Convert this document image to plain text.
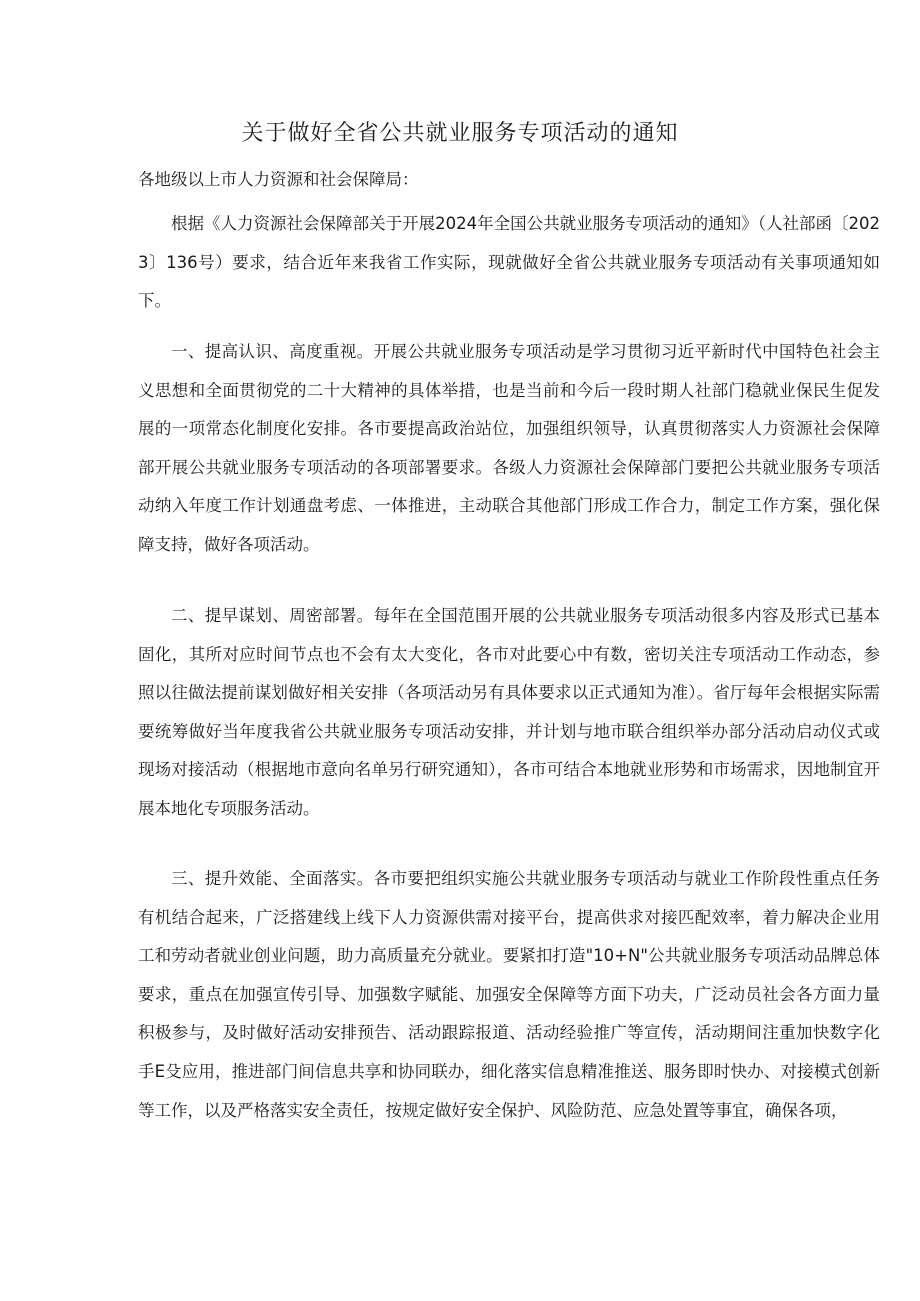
关于做好全省公共就业服务专项活动的通知
各地级以上市人力资源和社会保障局：

根据《人力资源社会保障部关于开展2024年全国公共就业服务专项活动的通知》（人社部函〔2023〕136号）要求，结合近年来我省工作实际，现就做好全省公共就业服务专项活动有关事项通知如下。

一、提高认识、高度重视。开展公共就业服务专项活动是学习贯彻习近平新时代中国特色社会主义思想和全面贯彻党的二十大精神的具体举措，也是当前和今后一段时期人社部门稳就业保民生促发展的一项常态化制度化安排。各市要提高政治站位，加强组织领导，认真贯彻落实人力资源社会保障部开展公共就业服务专项活动的各项部署要求。各级人力资源社会保障部门要把公共就业服务专项活动纳入年度工作计划通盘考虑、一体推进，主动联合其他部门形成工作合力，制定工作方案，强化保障支持，做好各项活动。

二、提早谋划、周密部署。每年在全国范围开展的公共就业服务专项活动很多内容及形式已基本固化，其所对应时间节点也不会有太大变化，各市对此要心中有数，密切关注专项活动工作动态，参照以往做法提前谋划做好相关安排（各项活动另有具体要求以正式通知为准）。省厅每年会根据实际需要统筹做好当年度我省公共就业服务专项活动安排，并计划与地市联合组织举办部分活动启动仪式或现场对接活动（根据地市意向名单另行研究通知），各市可结合本地就业形势和市场需求，因地制宜开展本地化专项服务活动。

三、提升效能、全面落实。各市要把组织实施公共就业服务专项活动与就业工作阶段性重点任务有机结合起来，广泛搭建线上线下人力资源供需对接平台，提高供求对接匹配效率，着力解决企业用工和劳动者就业创业问题，助力高质量充分就业。要紧扣打造"10+N"公共就业服务专项活动品牌总体要求，重点在加强宣传引导、加强数字赋能、加强安全保障等方面下功夫，广泛动员社会各方面力量积极参与，及时做好活动安排预告、活动跟踪报道、活动经验推广等宣传，活动期间注重加快数字化手E殳应用，推进部门间信息共享和协同联办，细化落实信息精准推送、服务即时快办、对接模式创新等工作，以及严格落实安全责任，按规定做好安全保护、风险防范、应急处置等事宜，确保各项，
